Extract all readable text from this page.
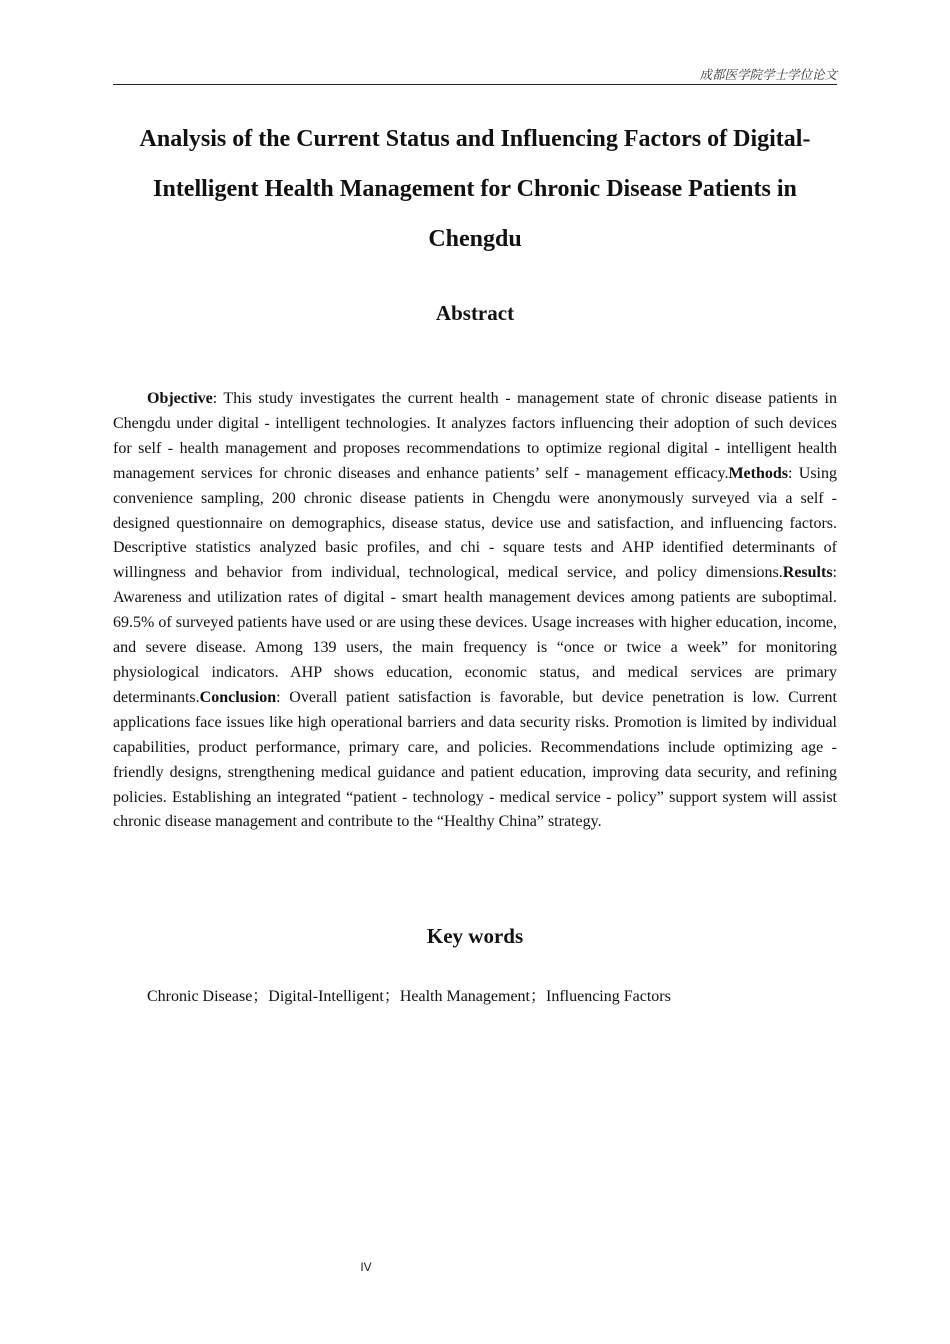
成都医学院学士学位论文
Analysis of the Current Status and Influencing Factors of Digital-Intelligent Health Management for Chronic Disease Patients in Chengdu
Abstract

Objective: This study investigates the current health - management state of chronic disease patients in Chengdu under digital - intelligent technologies. It analyzes factors influencing their adoption of such devices for self - health management and proposes recommendations to optimize regional digital - intelligent health management services for chronic diseases and enhance patients’ self - management efficacy.Methods: Using convenience sampling, 200 chronic disease patients in Chengdu were anonymously surveyed via a self - designed questionnaire on demographics, disease status, device use and satisfaction, and influencing factors. Descriptive statistics analyzed basic profiles, and chi - square tests and AHP identified determinants of willingness and behavior from individual, technological, medical service, and policy dimensions.Results: Awareness and utilization rates of digital - smart health management devices among patients are suboptimal. 69.5% of surveyed patients have used or are using these devices. Usage increases with higher education, income, and severe disease. Among 139 users, the main frequency is “once or twice a week” for monitoring physiological indicators. AHP shows education, economic status, and medical services are primary determinants.Conclusion: Overall patient satisfaction is favorable, but device penetration is low. Current applications face issues like high operational barriers and data security risks. Promotion is limited by individual capabilities, product performance, primary care, and policies. Recommendations include optimizing age - friendly designs, strengthening medical guidance and patient education, improving data security, and refining policies. Establishing an integrated “patient - technology - medical service - policy” support system will assist chronic disease management and contribute to the “Healthy China” strategy.

Key words

Chronic Disease；Digital-Intelligent；Health Management；Influencing Factors

IV
